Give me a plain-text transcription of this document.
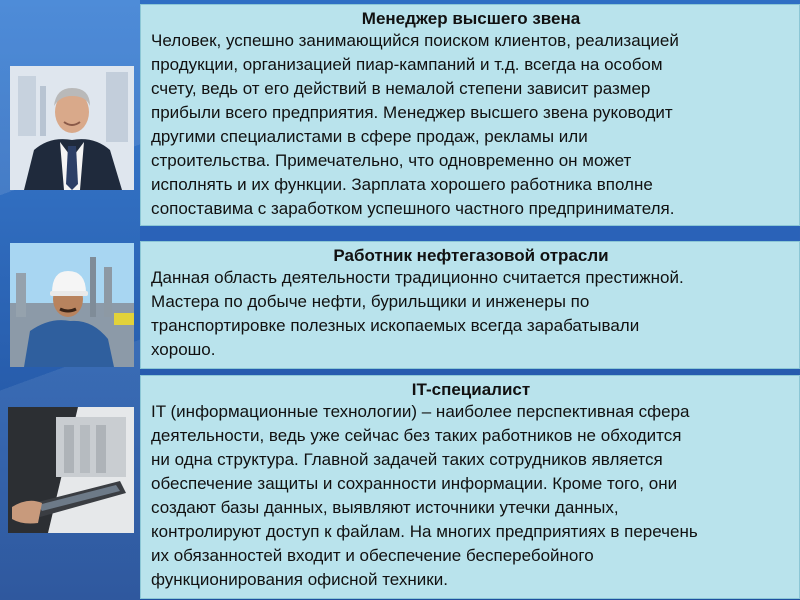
Менеджер высшего звена

Человек, успешно занимающийся поиском клиентов, реализацией
продукции, организацией пиар-кампаний и т.д. всегда на особом
счету, ведь от его действий в немалой степени зависит размер
прибыли всего предприятия. Менеджер высшего звена руководит
другими специалистами в сфере продаж, рекламы или
строительства. Примечательно, что одновременно он может
исполнять и их функции. Зарплата хорошего работника вполне
сопоставима с заработком успешного частного предпринимателя.

Работник нефтегазовой отрасли

Данная область деятельности традиционно считается престижной.
Мастера по добыче нефти, бурильщики и инженеры по
транспортировке полезных ископаемых всегда зарабатывали
хорошо.

IT-специалист

IT (информационные технологии) – наиболее перспективная сфера
деятельности, ведь уже сейчас без таких работников не обходится
ни одна структура. Главной задачей таких сотрудников является
обеспечение защиты и сохранности информации. Кроме того, они
создают базы данных, выявляют источники утечки данных,
контролируют доступ к файлам. На многих предприятиях в перечень
их обязанностей входит и обеспечение бесперебойного
функционирования офисной техники.
